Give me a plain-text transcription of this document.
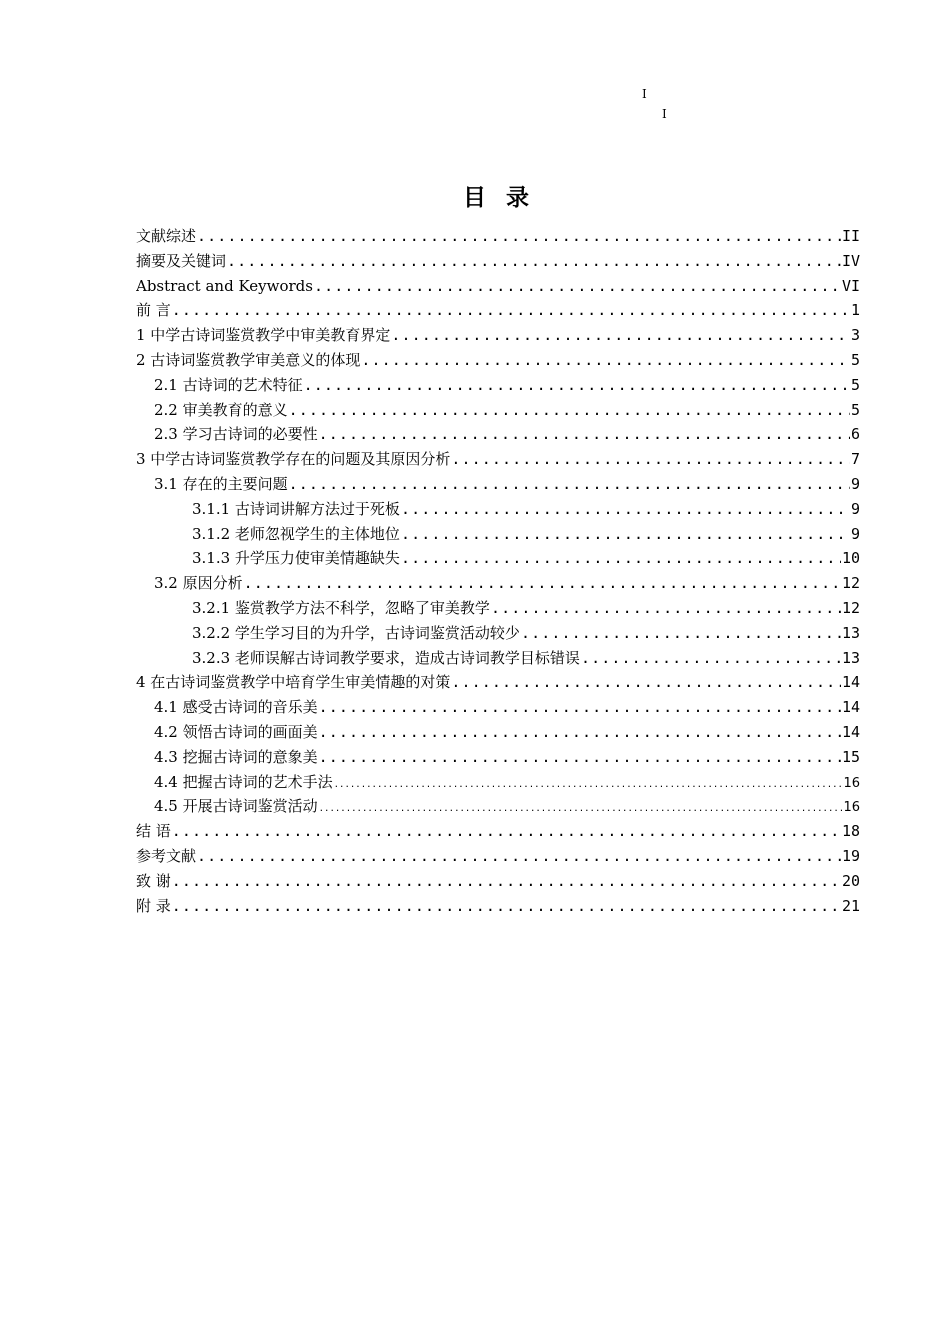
I
I
目 录
文献综述 .....	II
摘要及关键词 .....	IV
Abstract and Keywords .....	VI
前 言 .....	1
1 中学古诗词鉴赏教学中审美教育界定 .....	3
2 古诗词鉴赏教学审美意义的体现 .....	5
2.1 古诗词的艺术特征 .....	5
2.2 审美教育的意义 .....	5
2.3 学习古诗词的必要性 .....	6
3 中学古诗词鉴赏教学存在的问题及其原因分析 .....	7
3.1 存在的主要问题 .....	9
3.1.1 古诗词讲解方法过于死板 .....	9
3.1.2 老师忽视学生的主体地位 .....	9
3.1.3 升学压力使审美情趣缺失 .....	10
3.2 原因分析 .....	12
3.2.1 鉴赏教学方法不科学，忽略了审美教学 .....	12
3.2.2 学生学习目的为升学，古诗词鉴赏活动较少 .....	13
3.2.3 老师误解古诗词教学要求，造成古诗词教学目标错误 .....	13
4 在古诗词鉴赏教学中培育学生审美情趣的对策 .....	14
4.1 感受古诗词的音乐美 .....	14
4.2 领悟古诗词的画面美 .....	14
4.3 挖掘古诗词的意象美 .....	15
4.4 把握古诗词的艺术手法 .....	16
4.5 开展古诗词鉴赏活动 .....	16
结 语 .....	18
参考文献 .....	19
致 谢 .....	20
附 录 .....	21
